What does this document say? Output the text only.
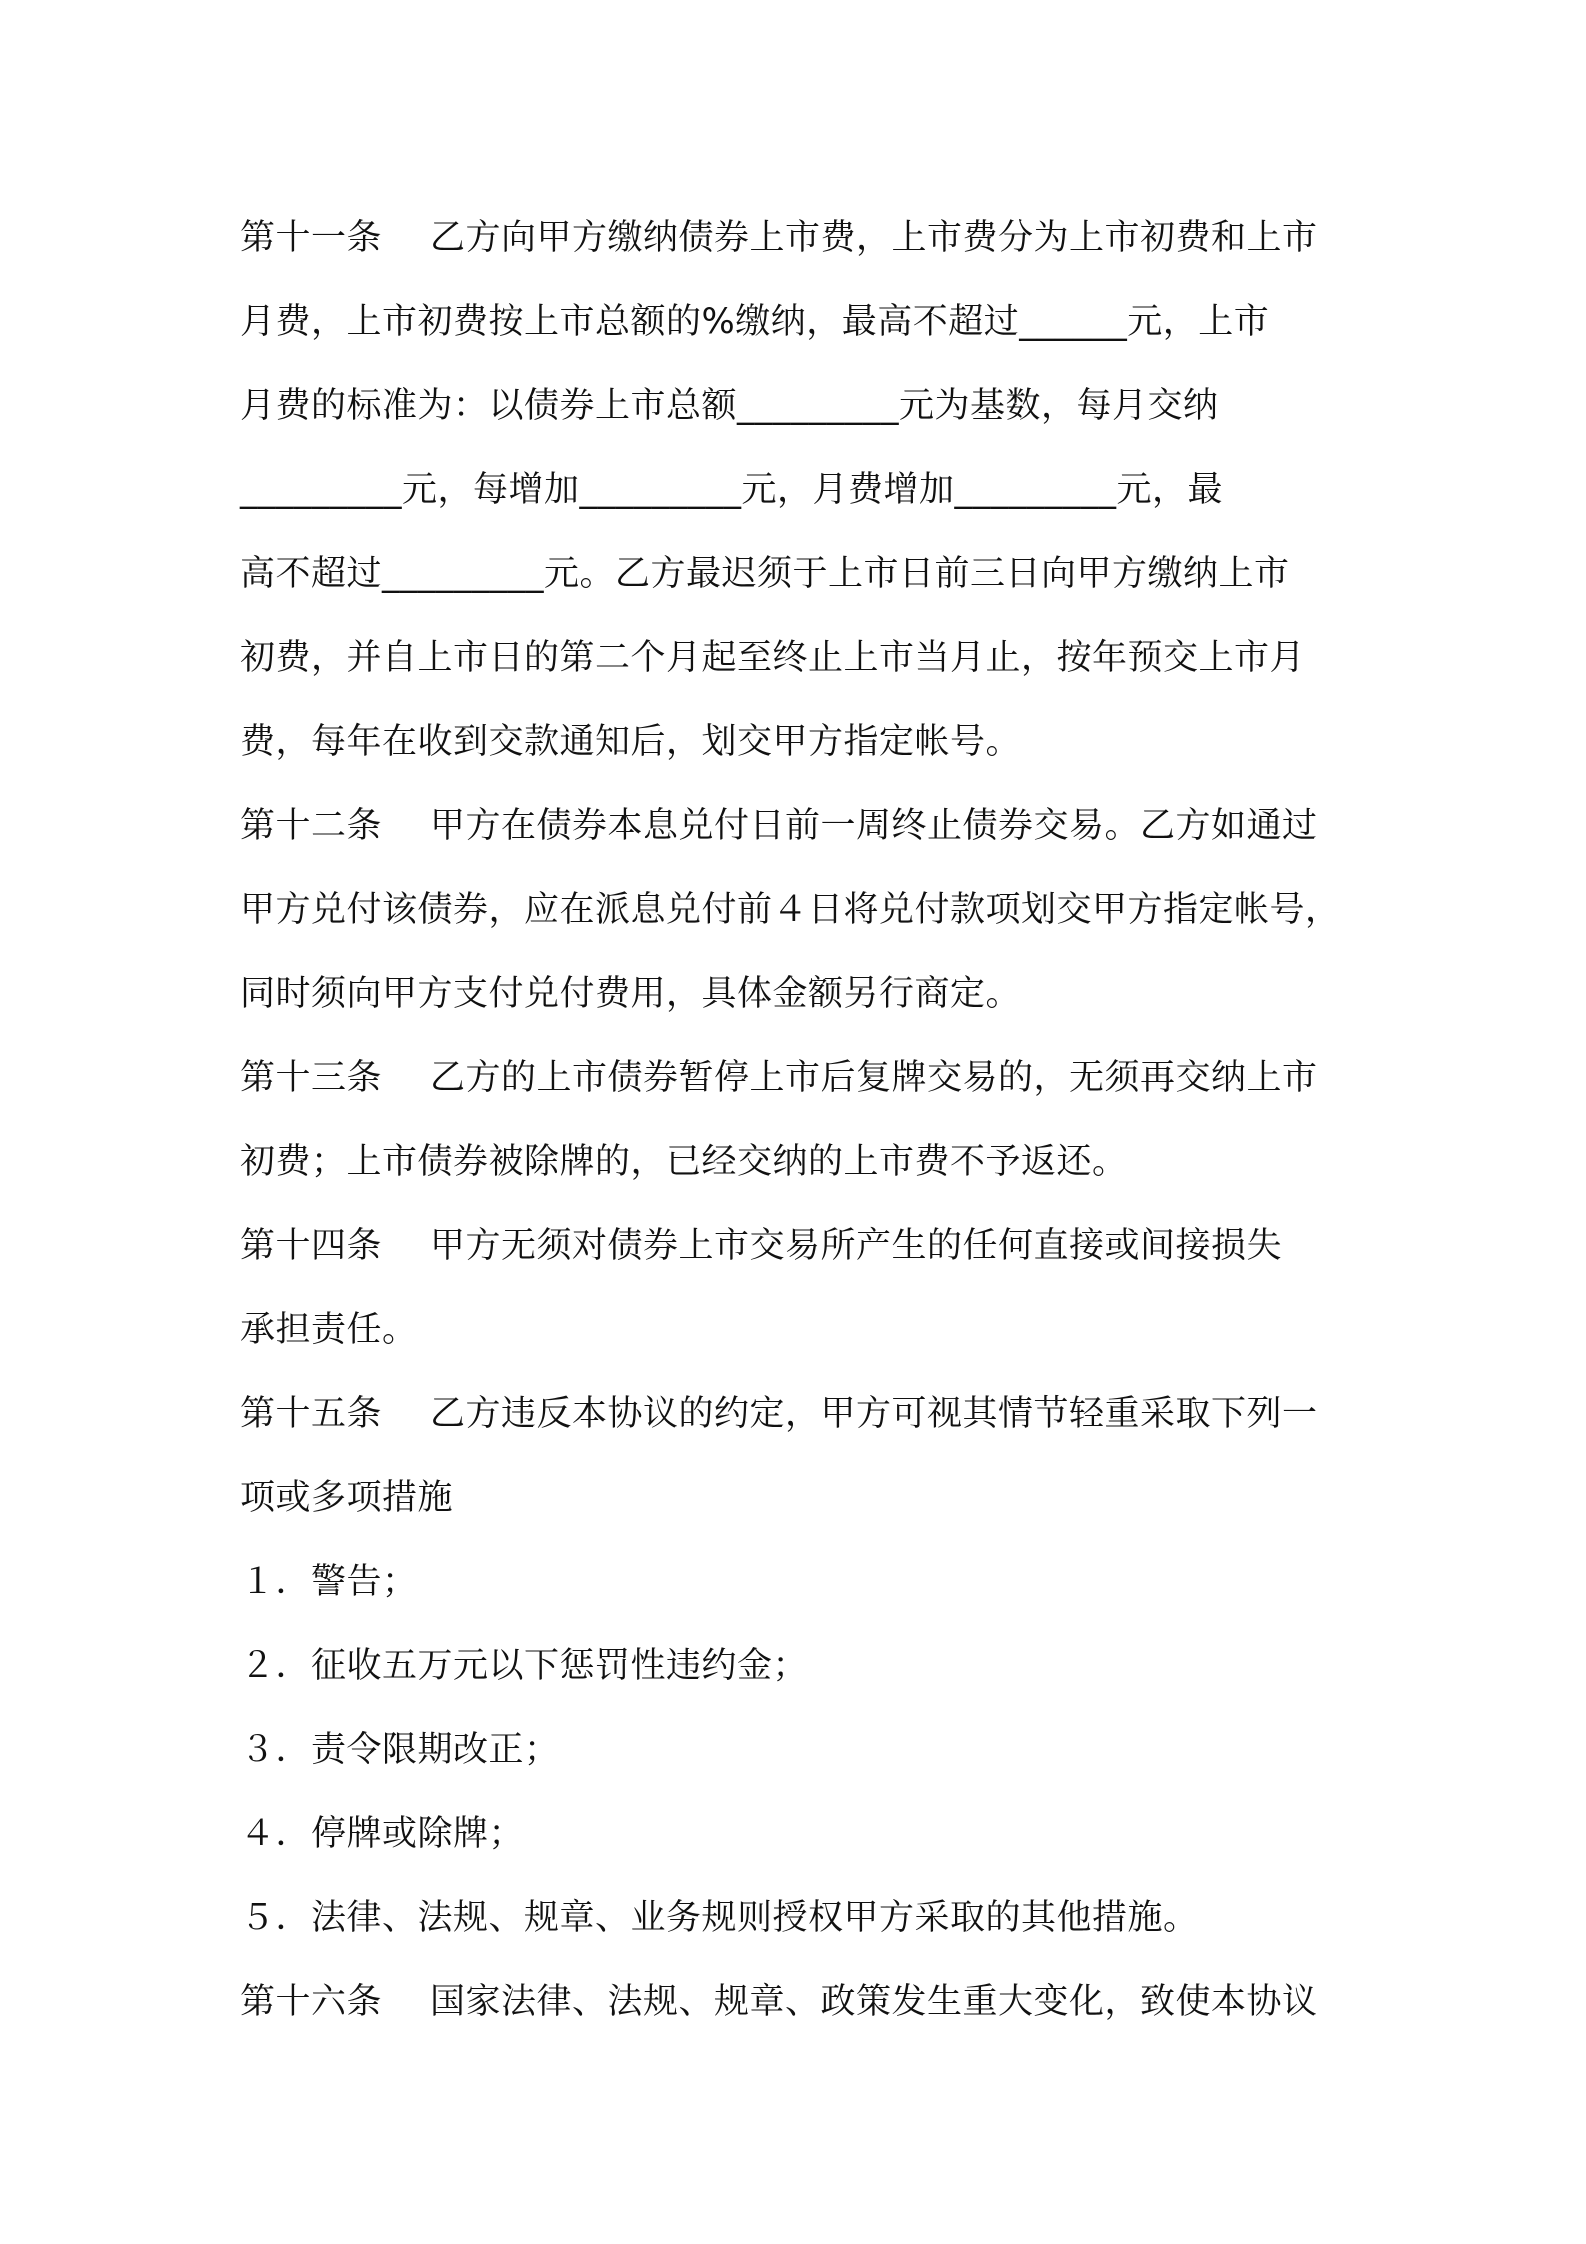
第十一条 乙方向甲方缴纳债券上市费，上市费分为上市初费和上市
月费，上市初费按上市总额的%缴纳，最高不超过______元，上市
月费的标准为：以债券上市总额_________元为基数，每月交纳
_________元，每增加_________元，月费增加_________元，最
高不超过_________元。乙方最迟须于上市日前三日向甲方缴纳上市
初费，并自上市日的第二个月起至终止上市当月止，按年预交上市月
费，每年在收到交款通知后，划交甲方指定帐号。
第十二条 甲方在债券本息兑付日前一周终止债券交易。乙方如通过
甲方兑付该债券，应在派息兑付前４日将兑付款项划交甲方指定帐号，
同时须向甲方支付兑付费用，具体金额另行商定。
第十三条 乙方的上市债券暂停上市后复牌交易的，无须再交纳上市
初费；上市债券被除牌的，已经交纳的上市费不予返还。
第十四条 甲方无须对债券上市交易所产生的任何直接或间接损失
承担责任。
第十五条 乙方违反本协议的约定，甲方可视其情节轻重采取下列一
项或多项措施
１．警告；
２．征收五万元以下惩罚性违约金；
３．责令限期改正；
４．停牌或除牌；
５．法律、法规、规章、业务规则授权甲方采取的其他措施。
第十六条 国家法律、法规、规章、政策发生重大变化，致使本协议
